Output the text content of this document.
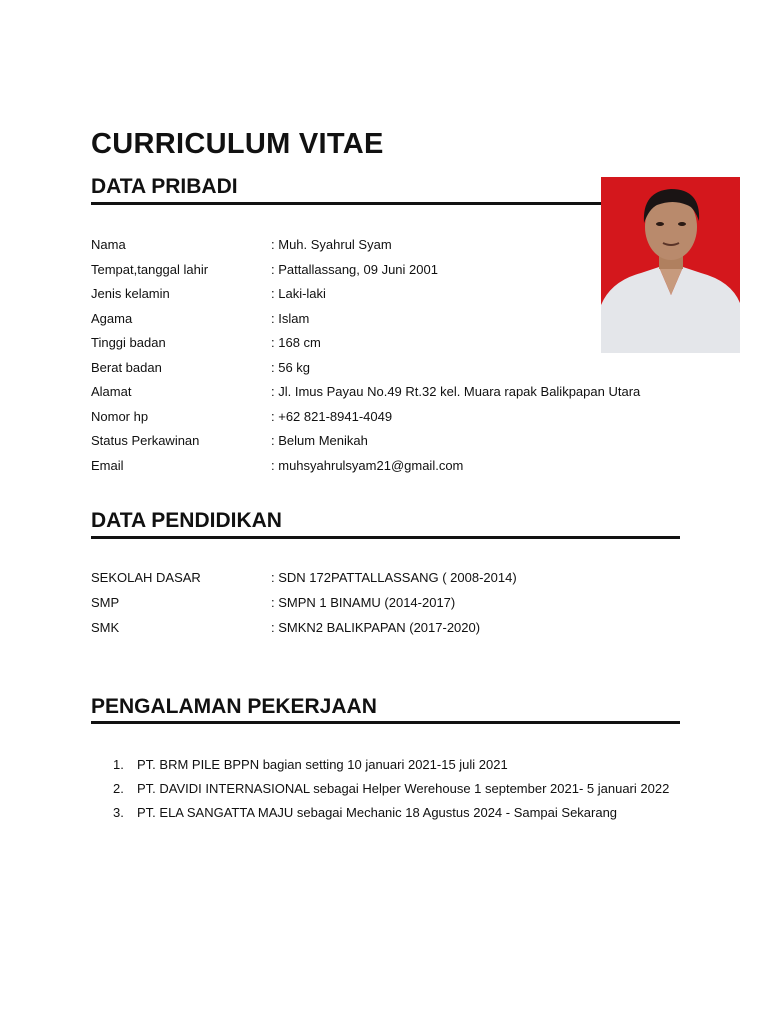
CURRICULUM VITAE
DATA PRIBADI
Nama	: Muh. Syahrul Syam
Tempat,tanggal lahir	: Pattallassang, 09 Juni 2001
Jenis kelamin	: Laki-laki
Agama	: Islam
Tinggi badan	: 168 cm
Berat badan	: 56 kg
Alamat	: Jl. Imus Payau No.49 Rt.32 kel. Muara rapak Balikpapan Utara
Nomor hp	: +62 821-8941-4049
Status Perkawinan	: Belum Menikah
Email	: muhsyahrulsyam21@gmail.com
DATA PENDIDIKAN
SEKOLAH DASAR	: SDN 172PATTALLASSANG ( 2008-2014)
SMP	: SMPN 1 BINAMU (2014-2017)
SMK	: SMKN2 BALIKPAPAN (2017-2020)
PENGALAMAN PEKERJAAN
1. PT. BRM PILE BPPN bagian setting 10 januari 2021-15 juli 2021
2. PT. DAVIDI INTERNASIONAL sebagai Helper Werehouse 1 september 2021- 5 januari 2022
3. PT. ELA SANGATTA MAJU sebagai Mechanic 18 Agustus 2024 - Sampai Sekarang
